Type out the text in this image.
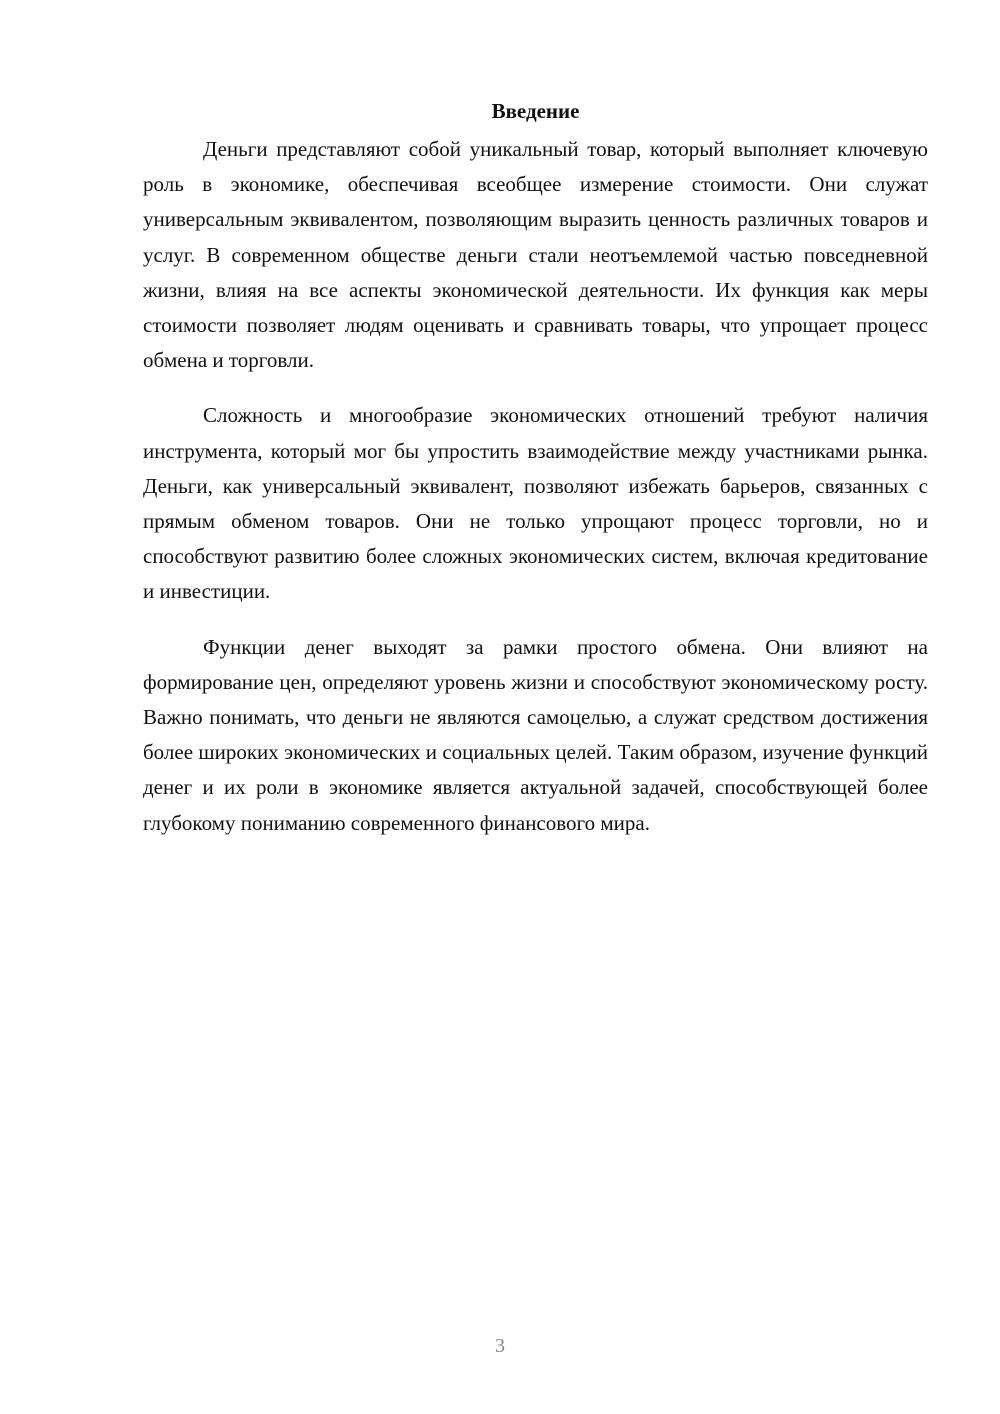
Введение

Деньги представляют собой уникальный товар, который выполняет ключевую роль в экономике, обеспечивая всеобщее измерение стоимости. Они служат универсальным эквивалентом, позволяющим выразить ценность различных товаров и услуг. В современном обществе деньги стали неотъемлемой частью повседневной жизни, влияя на все аспекты экономической деятельности. Их функция как меры стоимости позволяет людям оценивать и сравнивать товары, что упрощает процесс обмена и торговли.

Сложность и многообразие экономических отношений требуют наличия инструмента, который мог бы упростить взаимодействие между участниками рынка. Деньги, как универсальный эквивалент, позволяют избежать барьеров, связанных с прямым обменом товаров. Они не только упрощают процесс торговли, но и способствуют развитию более сложных экономических систем, включая кредитование и инвестиции.

Функции денег выходят за рамки простого обмена. Они влияют на формирование цен, определяют уровень жизни и способствуют экономическому росту. Важно понимать, что деньги не являются самоцелью, а служат средством достижения более широких экономических и социальных целей. Таким образом, изучение функций денег и их роли в экономике является актуальной задачей, способствующей более глубокому пониманию современного финансового мира.

3
